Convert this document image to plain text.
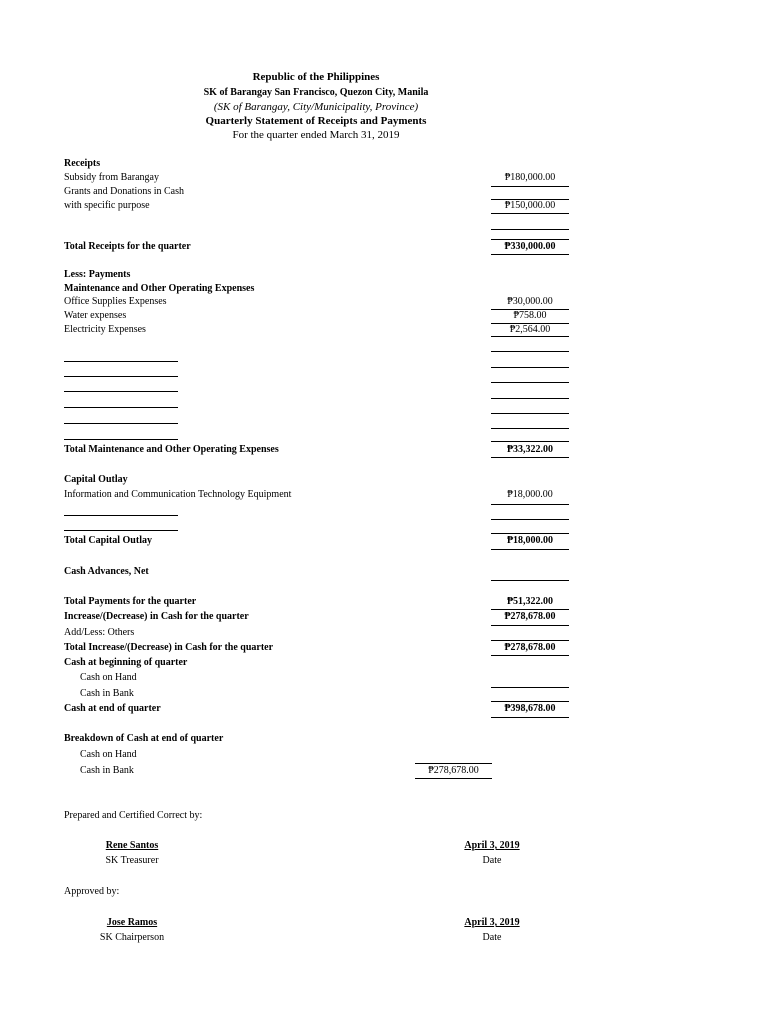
Republic of the Philippines
SK of Barangay San Francisco, Quezon City, Manila
(SK of Barangay, City/Municipality, Province)
Quarterly Statement of Receipts and Payments
For the quarter ended March 31, 2019
Receipts
Subsidy from Barangay	₱180,000.00
Grants and Donations in Cash
with specific purpose	₱150,000.00
Total Receipts for the quarter	₱330,000.00
Less: Payments
Maintenance and Other Operating Expenses
Office Supplies Expenses	₱30,000.00
Water expenses	₱758.00
Electricity Expenses	₱2,564.00
Total Maintenance and Other Operating Expenses	₱33,322.00
Capital Outlay
Information and Communication Technology Equipment	₱18,000.00
Total Capital Outlay	₱18,000.00
Cash Advances, Net
Total Payments for the quarter	₱51,322.00
Increase/(Decrease) in Cash for the quarter	₱278,678.00
Add/Less: Others
Total Increase/(Decrease) in Cash for the quarter	₱278,678.00
Cash at beginning of quarter
Cash on Hand
Cash in Bank
Cash at end of quarter	₱398,678.00
Breakdown of Cash at end of quarter
Cash on Hand
Cash in Bank	₱278,678.00
Prepared and Certified Correct by:
Rene Santos
SK Treasurer
April 3, 2019
Date
Approved by:
Jose Ramos
SK Chairperson
April 3, 2019
Date
